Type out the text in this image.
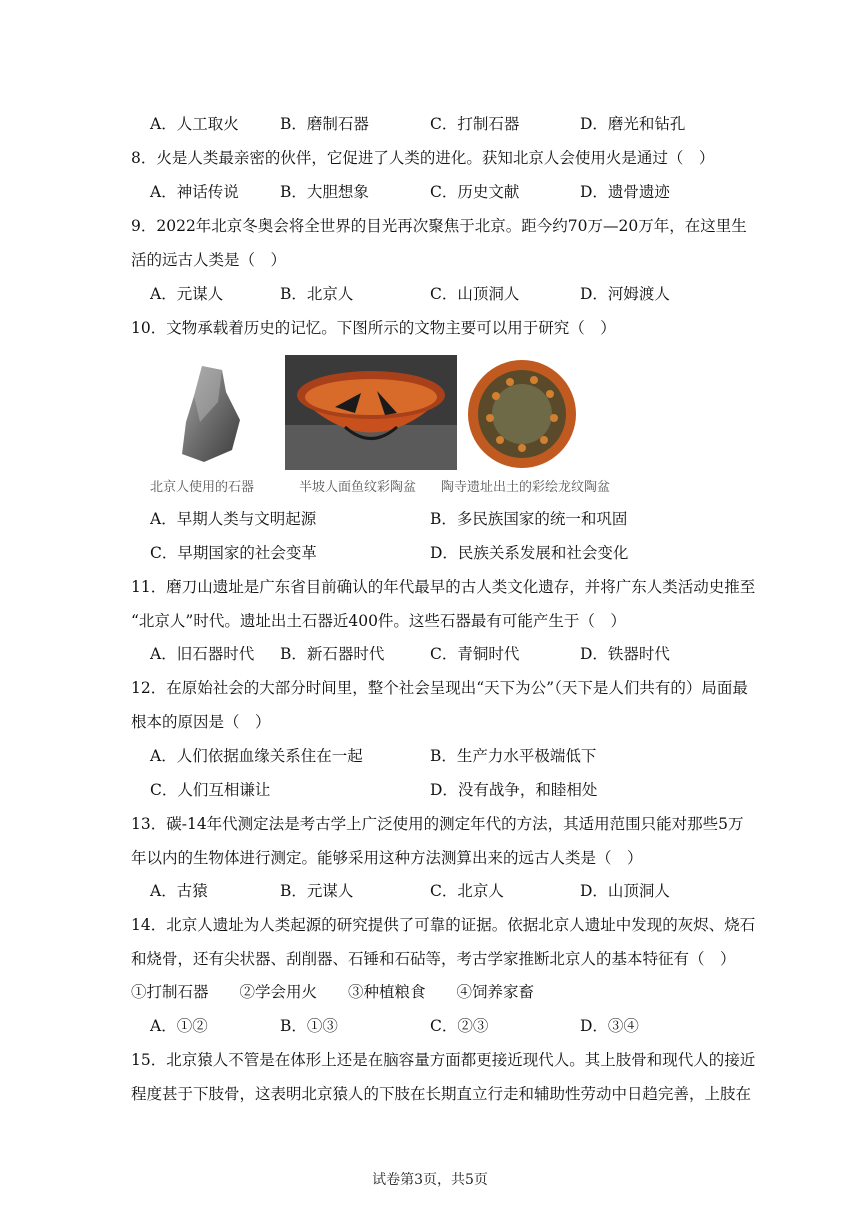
A．人工取火	B．磨制石器	C．打制石器	D．磨光和钻孔
8．火是人类最亲密的伙伴，它促进了人类的进化。获知北京人会使用火是通过（　）
A．神话传说	B．大胆想象	C．历史文献	D．遗骨遗迹
9．2022年北京冬奥会将全世界的目光再次聚焦于北京。距今约70万—20万年，在这里生
活的远古人类是（　）
A．元谋人	B．北京人	C．山顶洞人	D．河姆渡人
10．文物承载着历史的记忆。下图所示的文物主要可以用于研究（　）
北京人使用的石器	半坡人面鱼纹彩陶盆 陶寺遗址出土的彩绘龙纹陶盆
A．早期人类与文明起源	B．多民族国家的统一和巩固
C．早期国家的社会变革	D．民族关系发展和社会变化
11．磨刀山遗址是广东省目前确认的年代最早的古人类文化遗存，并将广东人类活动史推至
“北京人”时代。遗址出土石器近400件。这些石器最有可能产生于（　）
A．旧石器时代 B．新石器时代	C．青铜时代	D．铁器时代
12．在原始社会的大部分时间里，整个社会呈现出“天下为公”（天下是人们共有的）局面最
根本的原因是（　）
A．人们依据血缘关系住在一起	B．生产力水平极端低下
C．人们互相谦让	D．没有战争，和睦相处
13．碳-14年代测定法是考古学上广泛使用的测定年代的方法，其适用范围只能对那些5万
年以内的生物体进行测定。能够采用这种方法测算出来的远古人类是（　）
A．古猿	B．元谋人	C．北京人	D．山顶洞人
14．北京人遗址为人类起源的研究提供了可靠的证据。依据北京人遗址中发现的灰烬、烧石
和烧骨，还有尖状器、刮削器、石锤和石砧等，考古学家推断北京人的基本特征有（　）
①打制石器　　②学会用火　　③种植粮食　　④饲养家畜
A．①②	B．①③	C．②③	D．③④
15．北京猿人不管是在体形上还是在脑容量方面都更接近现代人。其上肢骨和现代人的接近
程度甚于下肢骨，这表明北京猿人的下肢在长期直立行走和辅助性劳动中日趋完善，上肢在
试卷第3页，共5页
